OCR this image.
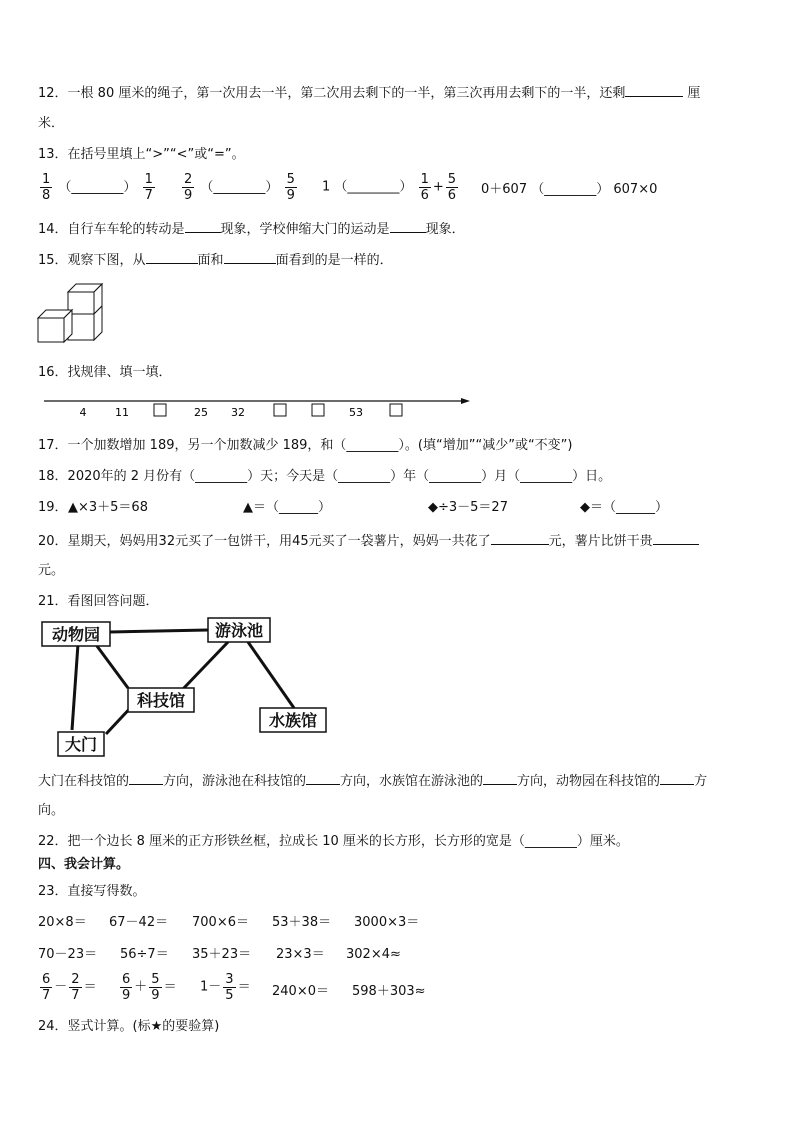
12．一根 80 厘米的绳子，第一次用去一半，第二次用去剩下的一半，第三次再用去剩下的一半，还剩	厘
米．
13．在括号里填上“>”“<”或“=”。
$\frac{1}{8}$ （________） $\frac{1}{7} \frac{2}{9}$ （________） $\frac{5}{9} 1$ （________） $\frac{1}{6} + \frac{5}{6} 0+607$ （________） 607×0
14．自行车车轮的转动是	现象，学校伸缩大门的运动是	现象．
15．观察下图，从	面和	面看到的是一样的．
16．找规律、填一填．
4	11	25 32	53
17．一个加数增加 189，另一个加数减少 189，和（________）。(填“增加”“减少”或“不变”)
18．2020年的 2 月份有（________）天；今天是（________）年（________）月（________）日。
19． ▲×3＋5＝68	▲＝（______）	◆÷3－5＝27	◆＝（______）
20．星期天，妈妈用32元买了一包饼干，用45元买了一袋薯片，妈妈一共花了	元，薯片比饼干贵
元。
21．看图回答问题．
动物园	游泳池
科技馆
大门
水族馆
大门在科技馆的	方向，游泳池在科技馆的	方向，水族馆在游泳池的	方向，动物园在科技馆的	方
向。
22．把一个边长 8 厘米的正方形铁丝框，拉成长 10 厘米的长方形，长方形的宽是（________）厘米。
四、我会计算。
23．直接写得数。
20×8＝ 67－42＝ 700×6＝ 53＋38＝ 3000×3＝
70－23＝ 56÷7＝ 35＋23＝ 23×3＝ 302×4≈
$\frac{6}{7} - \frac{2}{7} = \frac{6}{9} + \frac{5}{9} = 1- \frac{3}{5} = 240\times 0= 598+303\approx$
24．竖式计算。(标★的要验算)
